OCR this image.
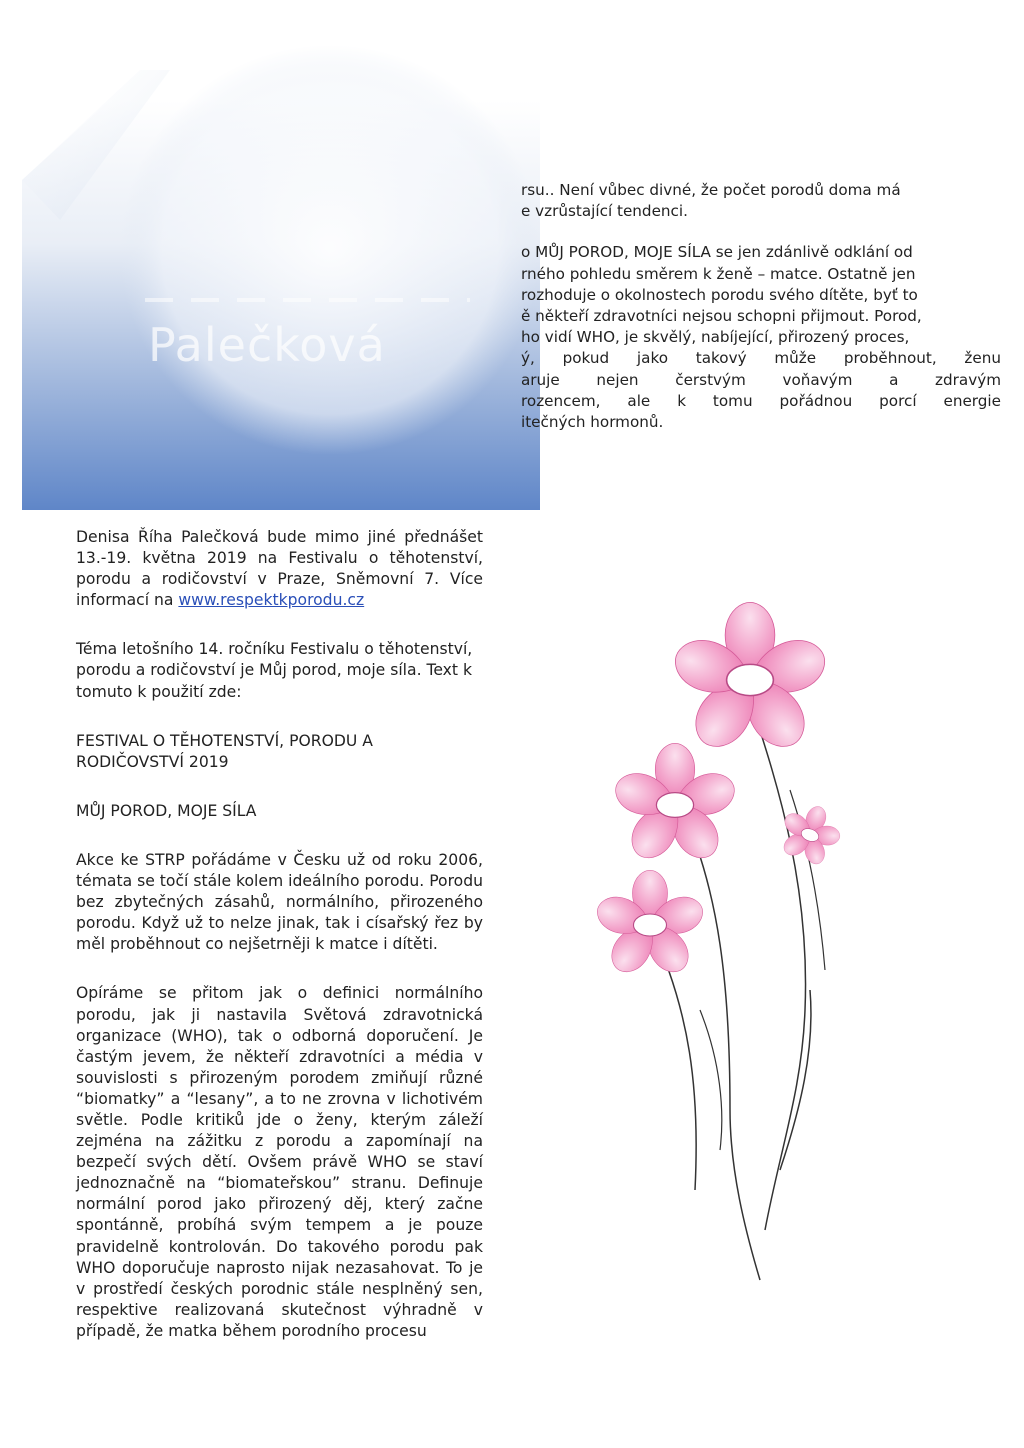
Palečková

rsu.. Není vůbec divné, že počet porodů doma má

e vzrůstající tendenci.

o MŮJ POROD, MOJE SÍLA se jen zdánlivě odklání od

rného pohledu směrem k ženě – matce. Ostatně jen

rozhoduje o okolnostech porodu svého dítěte, byť to

ě někteří zdravotníci nejsou schopni přijmout. Porod,

ho vidí WHO, je skvělý, nabíjející, přirozený proces,

ý, pokud jako takový může proběhnout, ženu

aruje nejen čerstvým voňavým a zdravým

rozencem, ale k tomu pořádnou porcí energie

itečných hormonů.

Denisa Říha Palečková bude mimo jiné přednášet 13.-19. května 2019 na Festivalu o těhotenství, porodu a rodičovství v Praze, Sněmovní 7. Více informací na www.respektkporodu.cz

Téma letošního 14. ročníku Festivalu o těhotenství, porodu a rodičovství je Můj porod, moje síla. Text k tomuto k použití zde:

FESTIVAL O TĚHOTENSTVÍ, PORODU A RODIČOVSTVÍ 2019

MŮJ POROD, MOJE SÍLA

Akce ke STRP pořádáme v Česku už od roku 2006, témata se točí stále kolem ideálního porodu. Porodu bez zbytečných zásahů, normálního, přirozeného porodu. Když už to nelze jinak, tak i císařský řez by měl proběhnout co nejšetrněji k matce i dítěti.

Opíráme se přitom jak o definici normálního porodu, jak ji nastavila Světová zdravotnická organizace (WHO), tak o odborná doporučení. Je častým jevem, že někteří zdravotníci a média v souvislosti s přirozeným porodem zmiňují různé “biomatky” a “lesany”, a to ne zrovna v lichotivém světle. Podle kritiků jde o ženy, kterým záleží zejména na zážitku z porodu a zapomínají na bezpečí svých dětí. Ovšem právě WHO se staví jednoznačně na “biomateřskou” stranu. Definuje normální porod jako přirozený děj, který začne spontánně, probíhá svým tempem a je pouze pravidelně kontrolován. Do takového porodu pak WHO doporučuje naprosto nijak nezasahovat. To je v prostředí českých porodnic stále nesplněný sen, respektive realizovaná skutečnost výhradně v případě, že matka během porodního procesu
